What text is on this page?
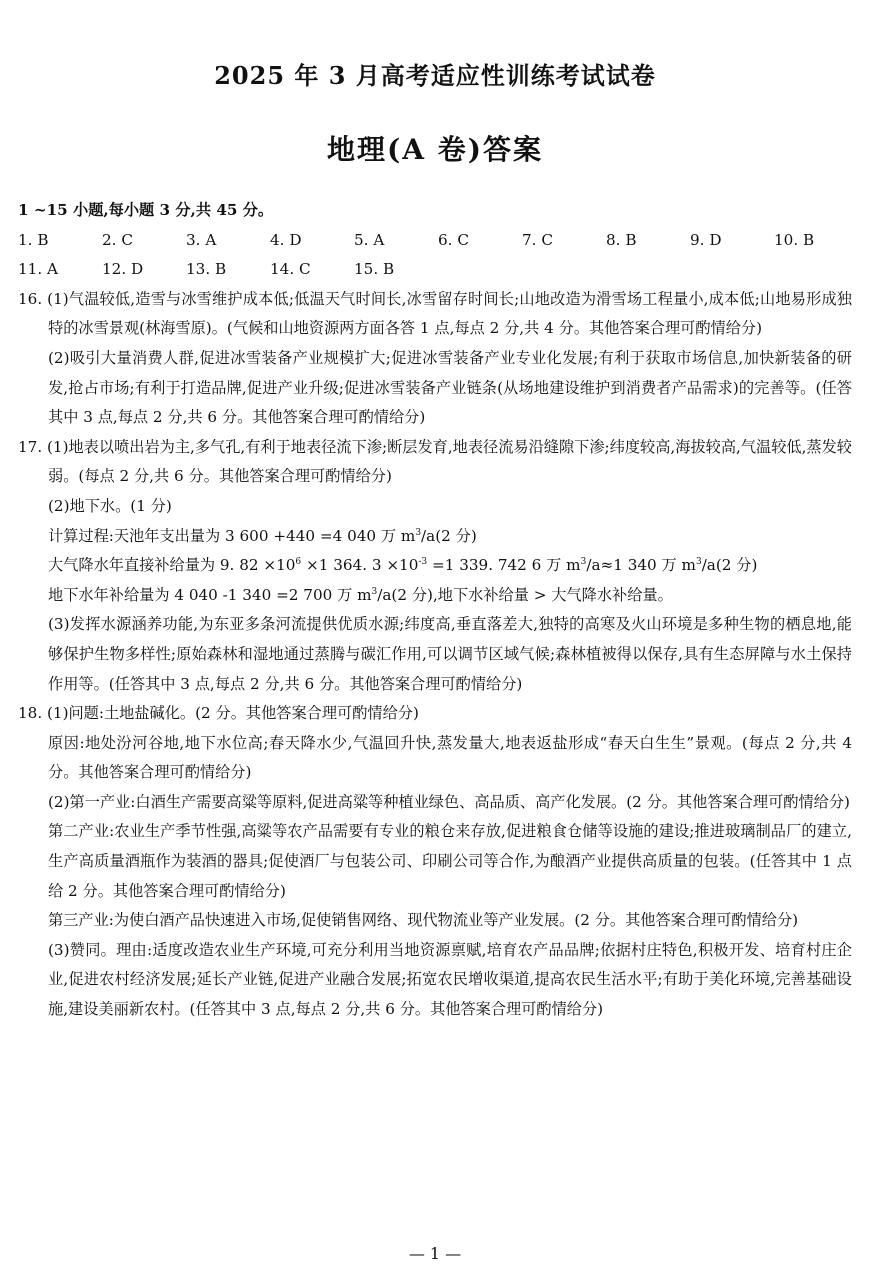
2025 年 3 月高考适应性训练考试试卷
地理(A 卷)答案

1 ~15 小题,每小题 3 分,共 45 分。

1. B	2. C	3. A	4. D	5. A	6. C	7. C	8. B	9. D	10. B
11. A	12. D	13. B	14. C	15. B

16. (1)气温较低,造雪与冰雪维护成本低;低温天气时间长,冰雪留存时间长;山地改造为滑雪场工程量小,成本低;山地易形成独特的冰雪景观(林海雪原)。(气候和山地资源两方面各答 1 点,每点 2 分,共 4 分。其他答案合理可酌情给分)

(2)吸引大量消费人群,促进冰雪装备产业规模扩大;促进冰雪装备产业专业化发展;有利于获取市场信息,加快新装备的研发,抢占市场;有利于打造品牌,促进产业升级;促进冰雪装备产业链条(从场地建设维护到消费者产品需求)的完善等。(任答其中 3 点,每点 2 分,共 6 分。其他答案合理可酌情给分)

17. (1)地表以喷出岩为主,多气孔,有利于地表径流下渗;断层发育,地表径流易沿缝隙下渗;纬度较高,海拔较高,气温较低,蒸发较弱。(每点 2 分,共 6 分。其他答案合理可酌情给分)

(2)地下水。(1 分)

计算过程:天池年支出量为 3 600 +440 =4 040 万 $m^3/a(2$ 分)

大气降水年直接补给量为 9. $82 \times 10^6 \times 1$ 364. $3 \times 10^{-3} =1$ 339. 742 6 万 $m^3/a\approx 1$ 340 万 $m^3/a(2$ 分)

地下水年补给量为 4 040 -1 340 =2 700 万 $m^3/a(2$ 分),地下水补给量 > 大气降水补给量。

(3)发挥水源涵养功能,为东亚多条河流提供优质水源;纬度高,垂直落差大,独特的高寒及火山环境是多种生物的栖息地,能够保护生物多样性;原始森林和湿地通过蒸腾与碳汇作用,可以调节区域气候;森林植被得以保存,具有生态屏障与水土保持作用等。(任答其中 3 点,每点 2 分,共 6 分。其他答案合理可酌情给分)

18. (1)问题:土地盐碱化。(2 分。其他答案合理可酌情给分)

原因:地处汾河谷地,地下水位高;春天降水少,气温回升快,蒸发量大,地表返盐形成“春天白生生”景观。(每点 2 分,共 4 分。其他答案合理可酌情给分)

(2)第一产业:白酒生产需要高粱等原料,促进高粱等种植业绿色、高品质、高产化发展。(2 分。其他答案合理可酌情给分)

第二产业:农业生产季节性强,高粱等农产品需要有专业的粮仓来存放,促进粮食仓储等设施的建设;推进玻璃制品厂的建立,生产高质量酒瓶作为装酒的器具;促使酒厂与包装公司、印刷公司等合作,为酿酒产业提供高质量的包装。(任答其中 1 点给 2 分。其他答案合理可酌情给分)

第三产业:为使白酒产品快速进入市场,促使销售网络、现代物流业等产业发展。(2 分。其他答案合理可酌情给分)

(3)赞同。理由:适度改造农业生产环境,可充分利用当地资源禀赋,培育农产品品牌;依据村庄特色,积极开发、培育村庄企业,促进农村经济发展;延长产业链,促进产业融合发展;拓宽农民增收渠道,提高农民生活水平;有助于美化环境,完善基础设施,建设美丽新农村。(任答其中 3 点,每点 2 分,共 6 分。其他答案合理可酌情给分)

— 1 —
